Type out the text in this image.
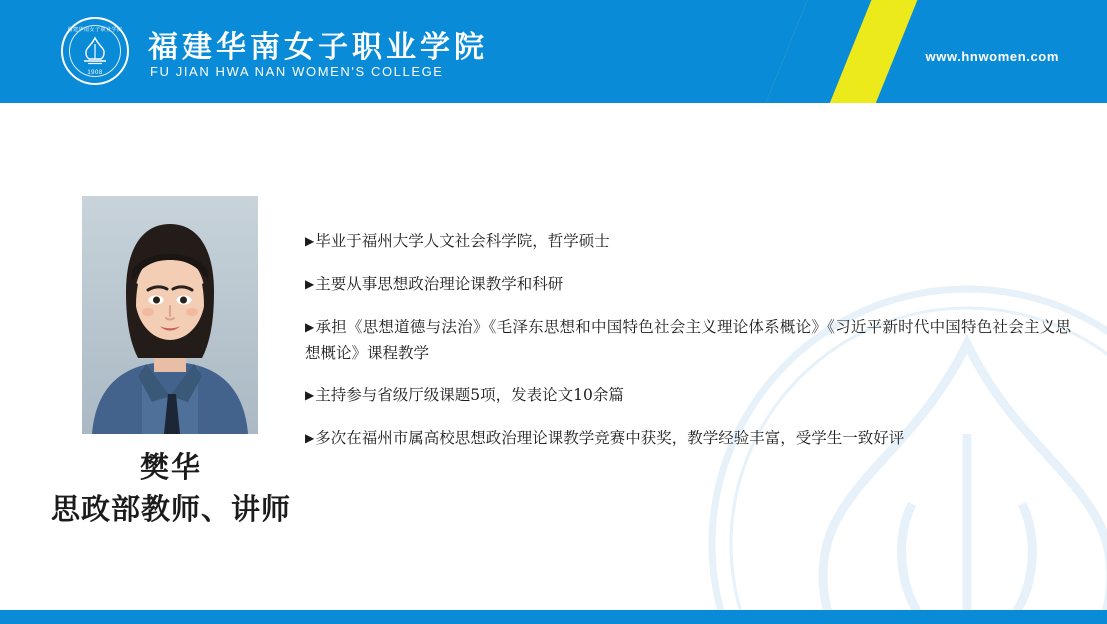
福建华南女子职业学院
1908
福建华南女子职业学院
FU JIAN HWA NAN WOMEN'S COLLEGE
www.hnwomen.com
樊华
思政部教师、讲师
▶毕业于福州大学人文社会科学院，哲学硕士
▶主要从事思想政治理论课教学和科研
▶承担《思想道德与法治》《毛泽东思想和中国特色社会主义理论体系概论》《习近平新时代中国特色社会主义思想概论》课程教学
▶主持参与省级厅级课题5项，发表论文10余篇
▶多次在福州市属高校思想政治理论课教学竞赛中获奖，教学经验丰富，受学生一致好评
